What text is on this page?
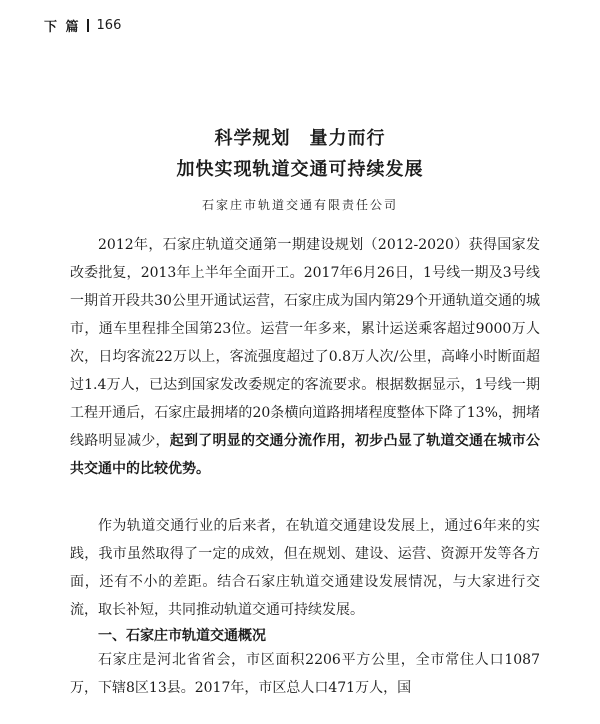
下 篇 166
科学规划　量力而行
加快实现轨道交通可持续发展
石家庄市轨道交通有限责任公司

2012年，石家庄轨道交通第一期建设规划（2012-2020）获得国家发改委批复，2013年上半年全面开工。2017年6月26日，1号线一期及3号线一期首开段共30公里开通试运营，石家庄成为国内第29个开通轨道交通的城市，通车里程排全国第23位。运营一年多来，累计运送乘客超过9000万人次，日均客流22万以上，客流强度超过了0.8万人次/公里，高峰小时断面超过1.4万人，已达到国家发改委规定的客流要求。根据数据显示，1号线一期工程开通后，石家庄最拥堵的20条横向道路拥堵程度整体下降了13%，拥堵线路明显减少，起到了明显的交通分流作用，初步凸显了轨道交通在城市公共交通中的比较优势。

作为轨道交通行业的后来者，在轨道交通建设发展上，通过6年来的实践，我市虽然取得了一定的成效，但在规划、建设、运营、资源开发等各方面，还有不小的差距。结合石家庄轨道交通建设发展情况，与大家进行交流，取长补短，共同推动轨道交通可持续发展。

一、石家庄市轨道交通概况

石家庄是河北省省会，市区面积2206平方公里，全市常住人口1087万，下辖8区13县。2017年，市区总人口471万人，国
